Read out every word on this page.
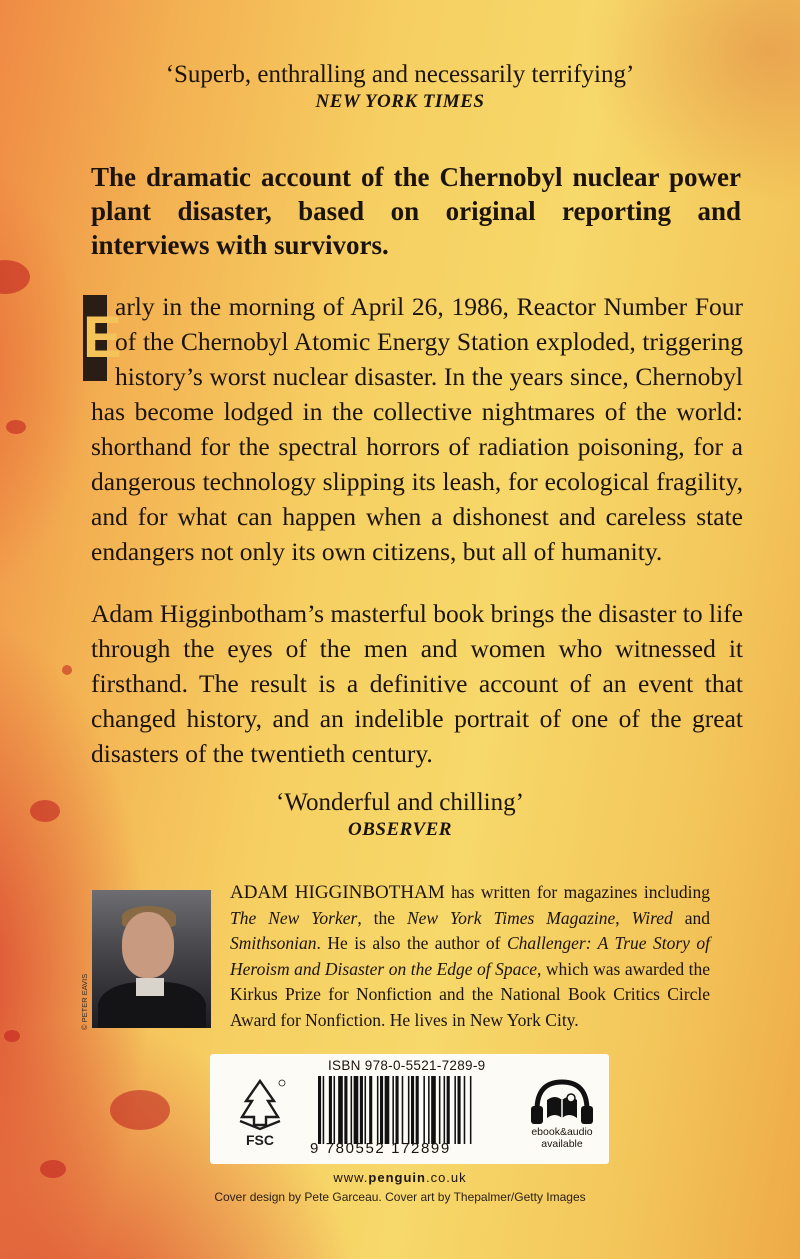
‘Superb, enthralling and necessarily terrifying’
NEW YORK TIMES
The dramatic account of the Chernobyl nuclear power plant disaster, based on original reporting and interviews with survivors.
E
arly in the morning of April 26, 1986, Reactor Number Four of the Chernobyl Atomic Energy Station exploded, triggering history’s worst nuclear disaster. In the years since, Chernobyl has become lodged in the collective nightmares of the world: shorthand for the spectral horrors of radiation poisoning, for a dangerous technology slipping its leash, for ecological fragility, and for what can happen when a dishonest and careless state endangers not only its own citizens, but all of humanity.
Adam Higginbotham’s masterful book brings the disaster to life through the eyes of the men and women who witnessed it firsthand. The result is a definitive account of an event that changed history, and an indelible portrait of one of the great disasters of the twentieth century.
‘Wonderful and chilling’
OBSERVER
© PETER EAVIS
ADAM HIGGINBOTHAM has written for magazines including The New Yorker, the New York Times Magazine, Wired and Smithsonian. He is also the author of Challenger: A True Story of Heroism and Disaster on the Edge of Space, which was awarded the Kirkus Prize for Nonfiction and the National Book Critics Circle Award for Nonfiction. He lives in New York City.
FSC
ISBN 978-0-5521-7289-9
9 780552 172899
ebook&audio
available
www.penguin.co.uk
Cover design by Pete Garceau. Cover art by Thepalmer/Getty Images
